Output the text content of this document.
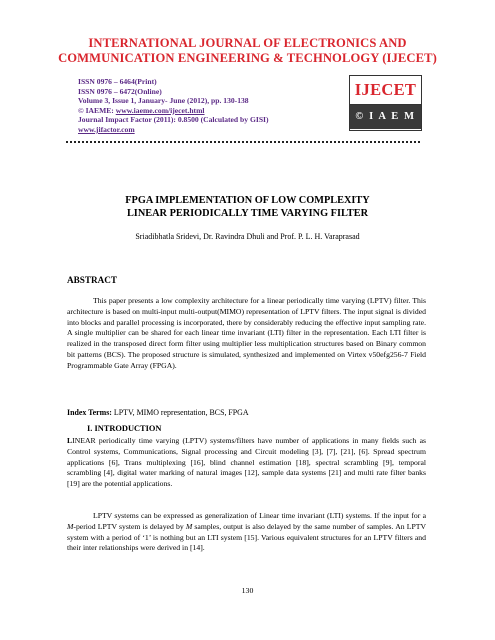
INTERNATIONAL JOURNAL OF ELECTRONICS AND
COMMUNICATION ENGINEERING & TECHNOLOGY (IJECET)
ISSN 0976 – 6464(Print)
ISSN 0976 – 6472(Online)
Volume 3, Issue 1, January- June (2012), pp. 130-138
© IAEME: www.iaeme.com/ijecet.html
Journal Impact Factor (2011): 0.8500 (Calculated by GISI)
www.jifactor.com
IJECET
© I A E M E
FPGA IMPLEMENTATION OF LOW COMPLEXITY
LINEAR PERIODICALLY TIME VARYING FILTER
Sriadibhatla Sridevi, Dr. Ravindra Dhuli and Prof. P. L. H. Varaprasad
ABSTRACT
This paper presents a low complexity architecture for a linear periodically time varying (LPTV) filter. This architecture is based on multi-input multi-output(MIMO) representation of LPTV filters. The input signal is divided into blocks and parallel processing is incorporated, there by considerably reducing the effective input sampling rate. A single multiplier can be shared for each linear time invariant (LTI) filter in the representation. Each LTI filter is realized in the transposed direct form filter using multiplier less multiplication structures based on Binary common bit patterns (BCS). The proposed structure is simulated, synthesized and implemented on Virtex v50efg256-7 Field Programmable Gate Array (FPGA).
Index Terms: LPTV, MIMO representation, BCS, FPGA
I. INTRODUCTION
LINEAR periodically time varying (LPTV) systems/filters have number of applications in many fields such as Control systems, Communications, Signal processing and Circuit modeling [3], [7], [21], [6]. Spread spectrum applications [6], Trans multiplexing [16], blind channel estimation [18], spectral scrambling [9], temporal scrambling [4], digital water marking of natural images [12], sample data systems [21] and multi rate filter banks [19] are the potential applications.
LPTV systems can be expressed as generalization of Linear time invariant (LTI) systems. If the input for a M-period LPTV system is delayed by M samples, output is also delayed by the same number of samples. An LPTV system with a period of ‘1’ is nothing but an LTI system [15]. Various equivalent structures for an LPTV filters and their inter relationships were derived in [14].
130
